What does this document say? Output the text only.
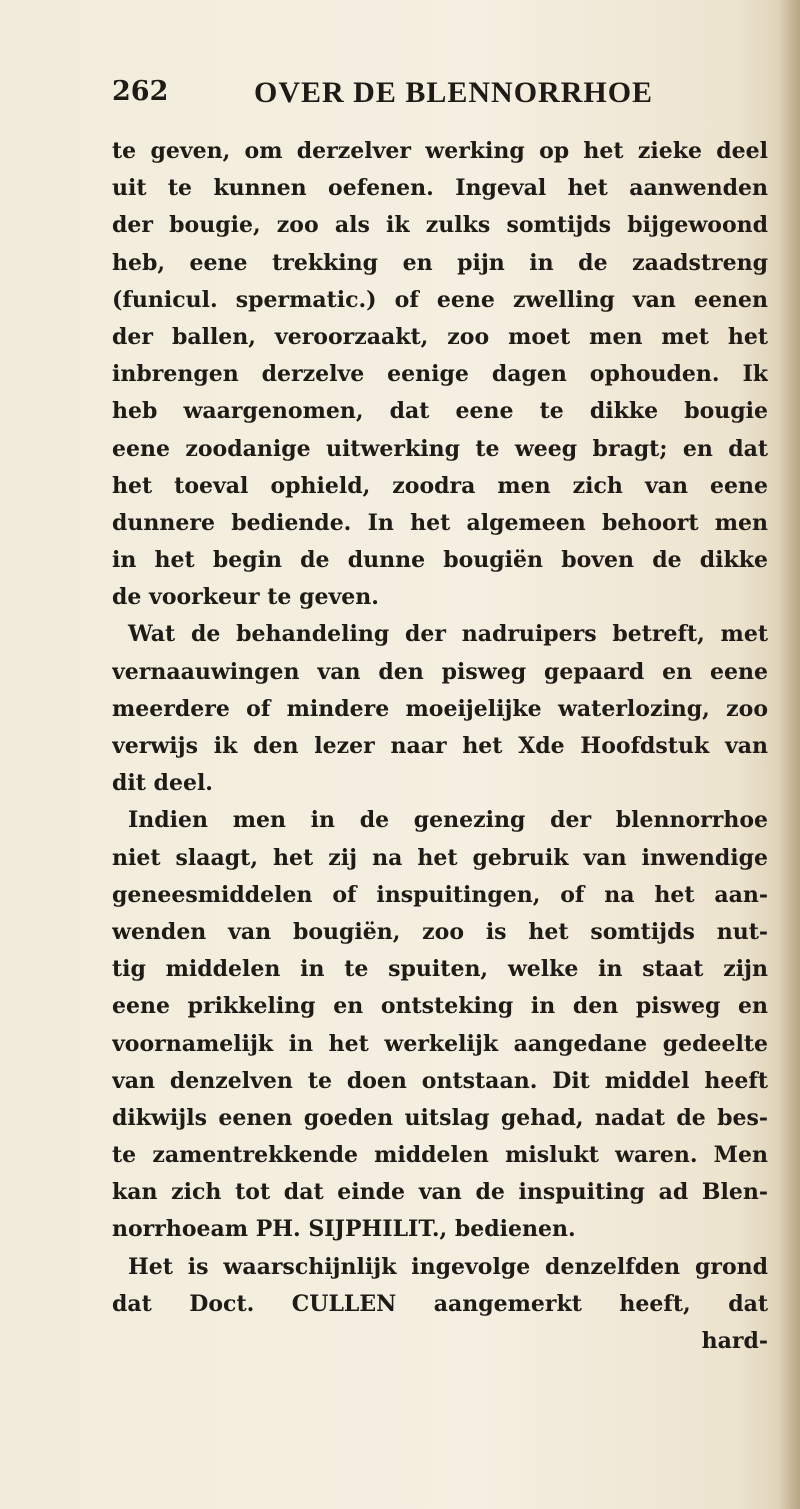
262	OVER DE BLENNORRHOE
te geven, om derzelver werking op het zieke deel
uit te kunnen oefenen. Ingeval het aanwenden
der bougie, zoo als ik zulks somtijds bijgewoond
heb, eene trekking en pijn in de zaadstreng
(funicul. spermatic.) of eene zwelling van eenen
der ballen, veroorzaakt, zoo moet men met het
inbrengen derzelve eenige dagen ophouden. Ik
heb waargenomen, dat eene te dikke bougie
eene zoodanige uitwerking te weeg bragt; en dat
het toeval ophield, zoodra men zich van eene
dunnere bediende. In het algemeen behoort men
in het begin de dunne bougiën boven de dikke
de voorkeur te geven.
Wat de behandeling der nadruipers betreft, met
vernaauwingen van den pisweg gepaard en eene
meerdere of mindere moeijelijke waterlozing, zoo
verwijs ik den lezer naar het Xde Hoofdstuk van
dit deel.
Indien men in de genezing der blennorrhoe
niet slaagt, het zij na het gebruik van inwendige
geneesmiddelen of inspuitingen, of na het aan-
wenden van bougiën, zoo is het somtijds nut-
tig middelen in te spuiten, welke in staat zijn
eene prikkeling en ontsteking in den pisweg en
voornamelijk in het werkelijk aangedane gedeelte
van denzelven te doen ontstaan. Dit middel heeft
dikwijls eenen goeden uitslag gehad, nadat de bes-
te zamentrekkende middelen mislukt waren. Men
kan zich tot dat einde van de inspuiting ad Blen-
norrhoeam PH. SIJPHILIT., bedienen.
Het is waarschijnlijk ingevolge denzelfden grond
dat Doct. CULLEN aangemerkt heeft, dat
hard-
